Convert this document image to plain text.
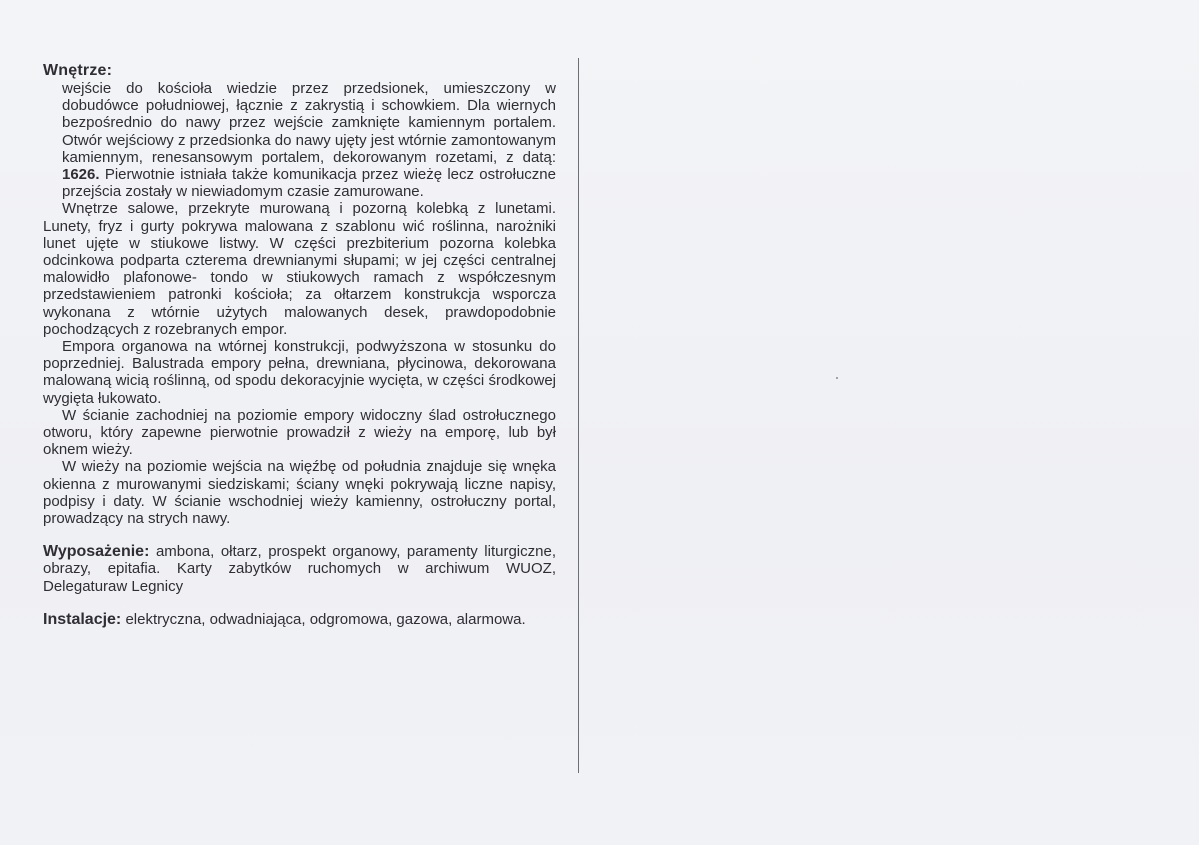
Wnętrze:

wejście do kościoła wiedzie przez przedsionek, umieszczony w dobudówce południowej, łącznie z zakrystią i schowkiem. Dla wiernych bezpośrednio do nawy przez wejście zamknięte kamiennym portalem. Otwór wejściowy z przedsionka do nawy ujęty jest wtórnie zamontowanym kamiennym, renesansowym portalem, dekorowanym rozetami, z datą: 1626. Pierwotnie istniała także komunikacja przez wieżę lecz ostrołuczne przejścia zostały w niewiadomym czasie zamurowane.

Wnętrze salowe, przekryte murowaną i pozorną kolebką z lunetami. Lunety, fryz i gurty pokrywa malowana z szablonu wić roślinna, narożniki lunet ujęte w stiukowe listwy. W części prezbiterium pozorna kolebka odcinkowa podparta czterema drewnianymi słupami; w jej części centralnej malowidło plafonowe- tondo w stiukowych ramach z współczesnym przedstawieniem patronki kościoła; za ołtarzem konstrukcja wsporcza wykonana z wtórnie użytych malowanych desek, prawdopodobnie pochodzących z rozebranych empor.

Empora organowa na wtórnej konstrukcji, podwyższona w stosunku do poprzedniej. Balustrada empory pełna, drewniana, płycinowa, dekorowana malowaną wicią roślinną, od spodu dekoracyjnie wycięta, w części środkowej wygięta łukowato.

W ścianie zachodniej na poziomie empory widoczny ślad ostrołucznego otworu, który zapewne pierwotnie prowadził z wieży na emporę, lub był oknem wieży.

W wieży na poziomie wejścia na więźbę od południa znajduje się wnęka okienna z murowanymi siedziskami; ściany wnęki pokrywają liczne napisy, podpisy i daty. W ścianie wschodniej wieży kamienny, ostrołuczny portal, prowadzący na strych nawy.

Wyposażenie: ambona, ołtarz, prospekt organowy, paramenty liturgiczne, obrazy, epitafia. Karty zabytków ruchomych w archiwum WUOZ, Delegaturaw Legnicy

Instalacje: elektryczna, odwadniająca, odgromowa, gazowa, alarmowa.
